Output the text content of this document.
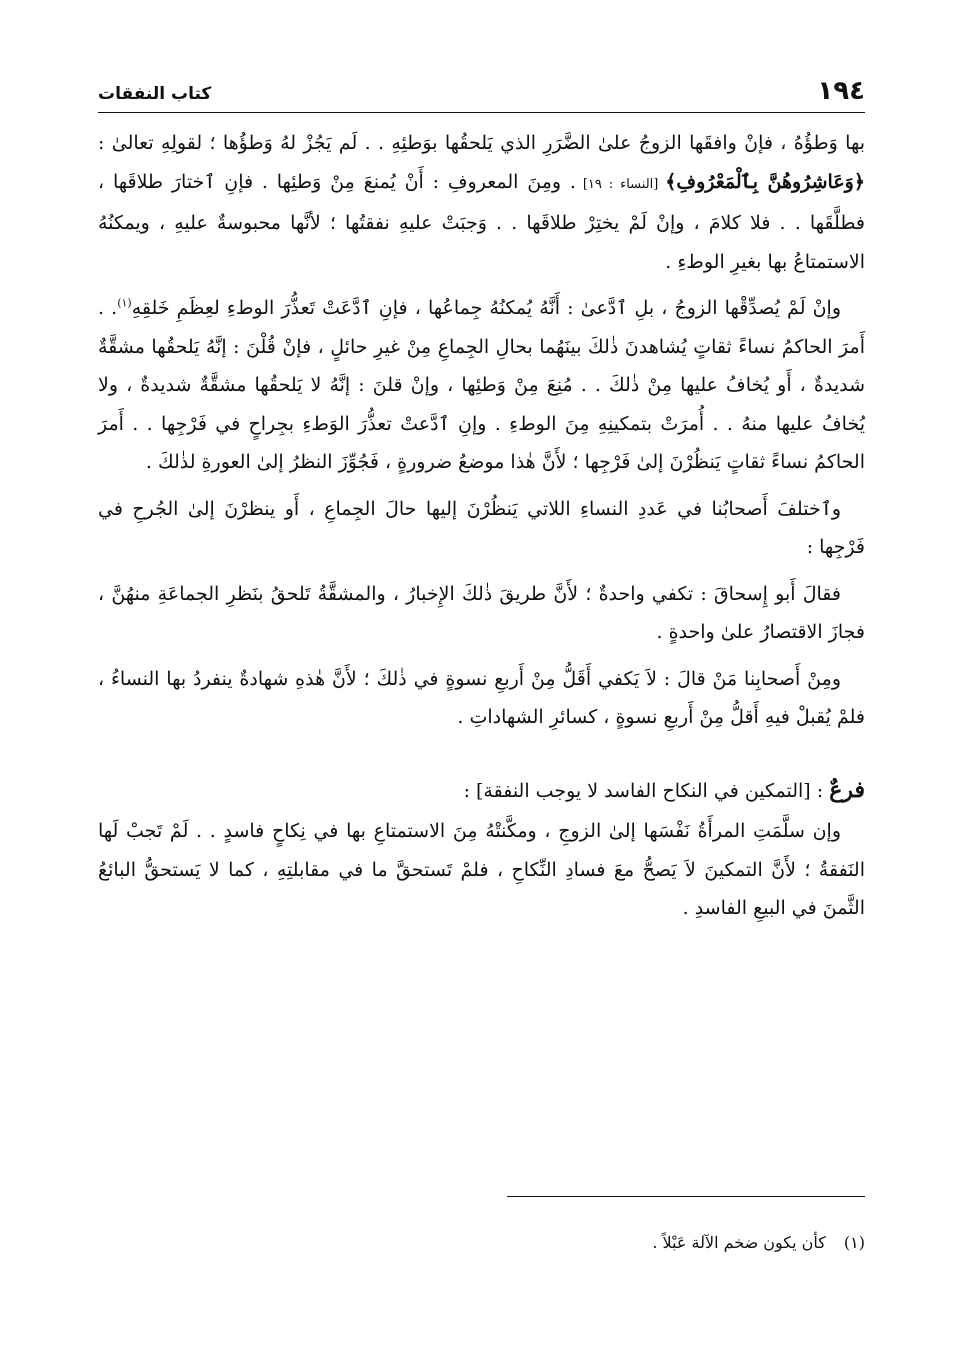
١٩٤
كتاب النفقات

بها وَطؤُهُ ، فإنْ وافقَها الزوجُ علىٰ الضَّرَرِ الذي يَلحقُها بوَطئِهِ . . لَم يَجُزْ لهُ وَطؤُها ؛ لقولِهِ تعالىٰ : ﴿وَعَاشِرُوهُنَّ بِٱلْمَعْرُوفِ﴾ [النساء : ١٩] . ومِنَ المعروفِ : أَنْ يُمنعَ مِنْ وَطئِها . فإنِ ٱختارَ طلاقَها ، فطلَّقَها . . فلا كلامَ ، وإنْ لَمْ يختِرْ طلاقَها . . وَجبَتْ عليهِ نفقتُها ؛ لأنَّها محبوسةٌ عليهِ ، ويمكنُهُ الاستمتاعُ بها بغيرِ الوطءِ .

وإنْ لَمْ يُصدِّقْها الزوجُ ، بلِ ٱدَّعىٰ : أَنَّهُ يُمكنُهُ جِماعُها ، فإنِ ٱدَّعَتْ تَعذُّرَ الوطءِ لعِظَمِ خَلقِهِ$^{(١)}$. . أَمرَ الحاكمُ نساءً ثقاتٍ يُشاهدنَ ذٰلكَ بينَهُما بحالِ الجِماعِ مِنْ غيرِ حائلٍ ، فإنْ قُلْنَ : إنَّهُ يَلحقُها مشقَّةٌ شديدةٌ ، أَو يُخافُ عليها مِنْ ذٰلكَ . . مُنِعَ مِنْ وَطئِها ، وإنْ قلنَ : إنَّهُ لا يَلحقُها مشقَّةٌ شديدةٌ ، ولا يُخافُ عليها منهُ . . أُمرَتْ بتمكينِهِ مِنَ الوطءِ . وإنِ ٱدَّعتْ تعذُّرَ الوَطءِ بجِراحٍ في فَرْجِها . . أَمرَ الحاكمُ نساءً ثقاتٍ يَنظُرْنَ إلىٰ فَرْجِها ؛ لأَنَّ هٰذا موضعُ ضرورةٍ ، فَجُوِّزَ النظرُ إلىٰ العورةِ لذٰلكَ .

وٱختلفَ أَصحابُنا في عَددِ النساءِ اللاتي يَنظُرْنَ إليها حالَ الجِماعِ ، أَو ينظرْنَ إلىٰ الجُرحِ في فَرْجِها :

فقالَ أَبو إِسحاقَ : تكفي واحدةٌ ؛ لأَنَّ طريقَ ذٰلكَ الإِخبارُ ، والمشقَّةُ تَلحقُ بنَظرِ الجماعَةِ منهُنَّ ، فجازَ الاقتصارُ علىٰ واحدةٍ .

ومِنْ أَصحابِنا مَنْ قالَ : لاَ يَكفي أَقَلُّ مِنْ أَربعِ نسوةٍ في ذٰلكَ ؛ لأَنَّ هٰذهِ شهادةٌ ينفردُ بها النساءُ ، فلمْ يُقبلْ فيهِ أَقلُّ مِنْ أَربعِ نسوةٍ ، كسائرِ الشهاداتِ .

فرعٌ : [التمكين في النكاح الفاسد لا يوجب النفقة] :

وإن سلَّمَتِ المرأَةُ نَفْسَها إلىٰ الزوجِ ، ومكَّنتْهُ مِنَ الاستمتاعِ بها في نِكاحٍ فاسدٍ . . لَمْ تَجبْ لَها النَفقةُ ؛ لأَنَّ التمكينَ لاَ يَصحُّ معَ فسادِ النِّكاحِ ، فلمْ تَستحقَّ ما في مقابلتِهِ ، كما لا يَستحقُّ البائعُ الثَّمنَ في البيعِ الفاسدِ .

(١)كأن يكون ضخم الآلة عَبْلاً .
